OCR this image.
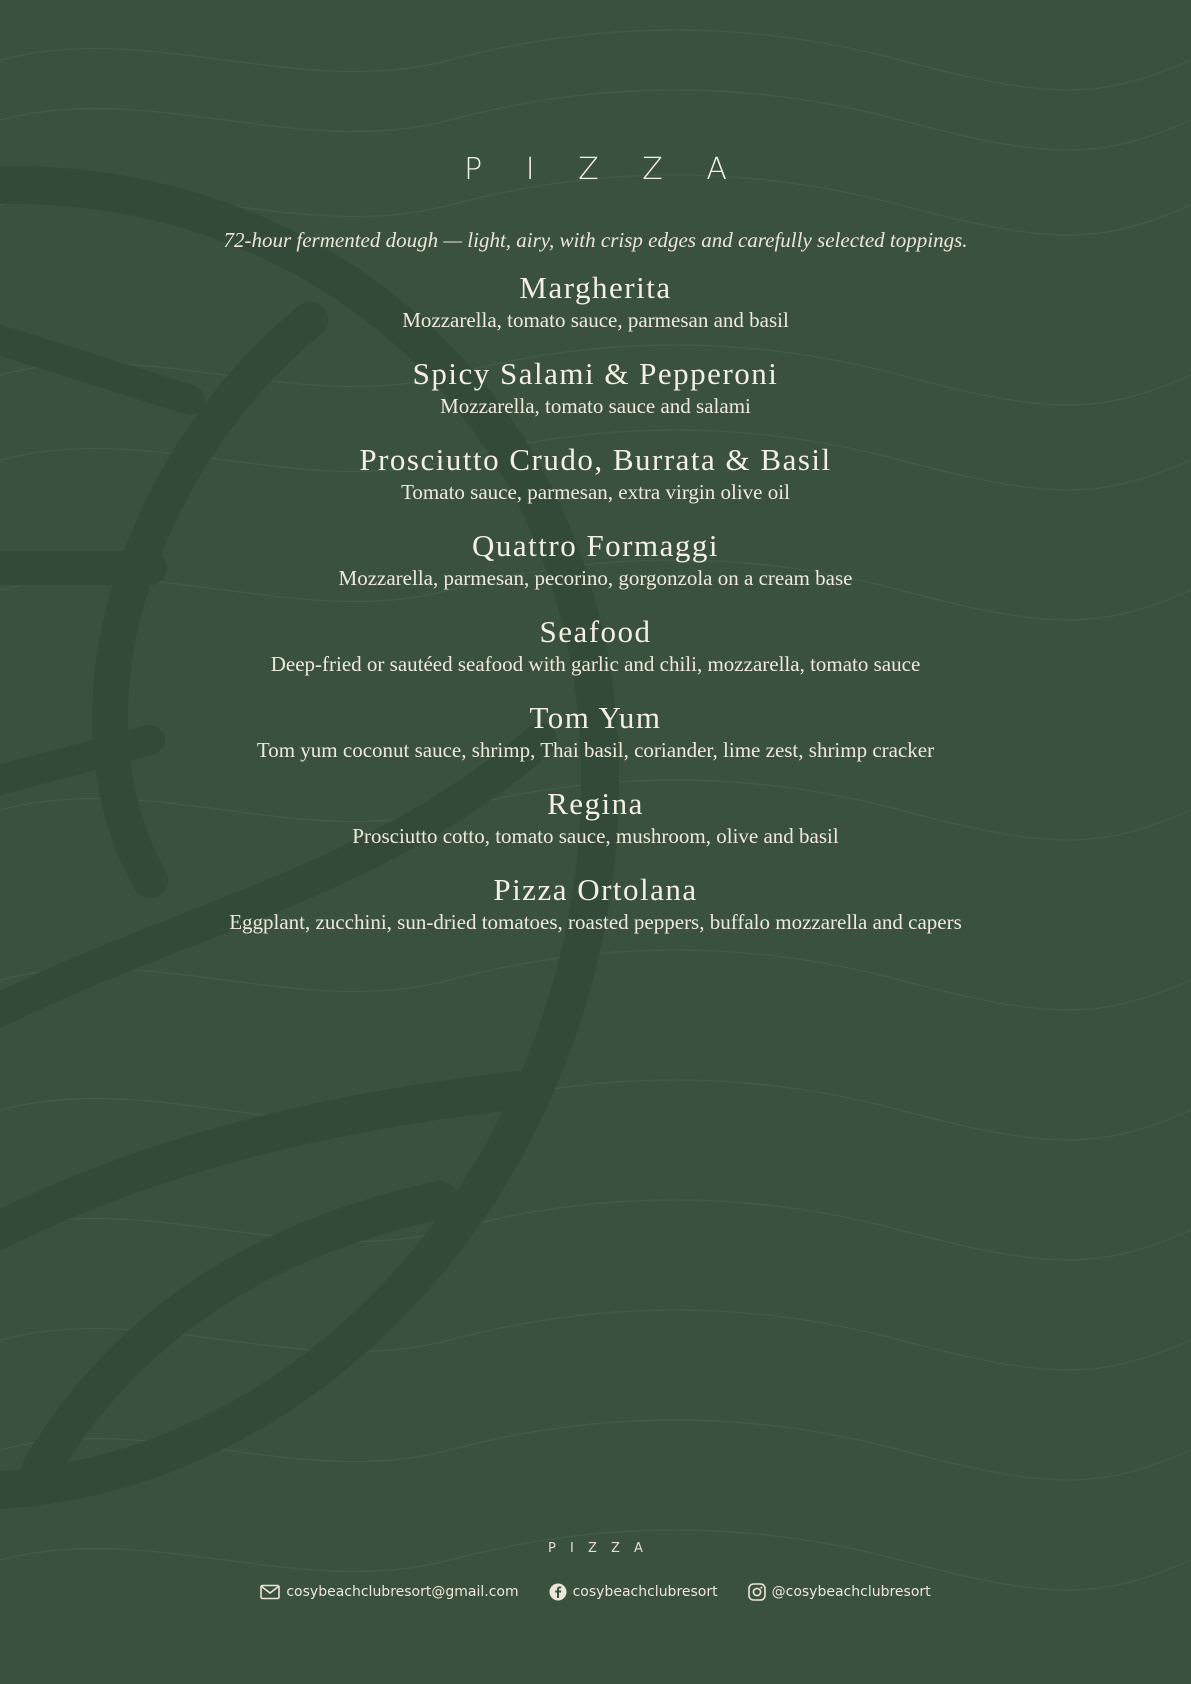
P I Z Z A
72-hour fermented dough — light, airy, with crisp edges and carefully selected toppings.
Margherita
Mozzarella, tomato sauce, parmesan and basil
Spicy Salami & Pepperoni
Mozzarella, tomato sauce and salami
Prosciutto Crudo, Burrata & Basil
Tomato sauce, parmesan, extra virgin olive oil
Quattro Formaggi
Mozzarella, parmesan, pecorino, gorgonzola on a cream base
Seafood
Deep-fried or sautéed seafood with garlic and chili, mozzarella, tomato sauce
Tom Yum
Tom yum coconut sauce, shrimp, Thai basil, coriander, lime zest, shrimp cracker
Regina
Prosciutto cotto, tomato sauce, mushroom, olive and basil
Pizza Ortolana
Eggplant, zucchini, sun-dried tomatoes, roasted peppers, buffalo mozzarella and capers
P I Z Z A
cosybeachclubresort@gmail.com	cosybeachclubresort	@cosybeachclubresort
